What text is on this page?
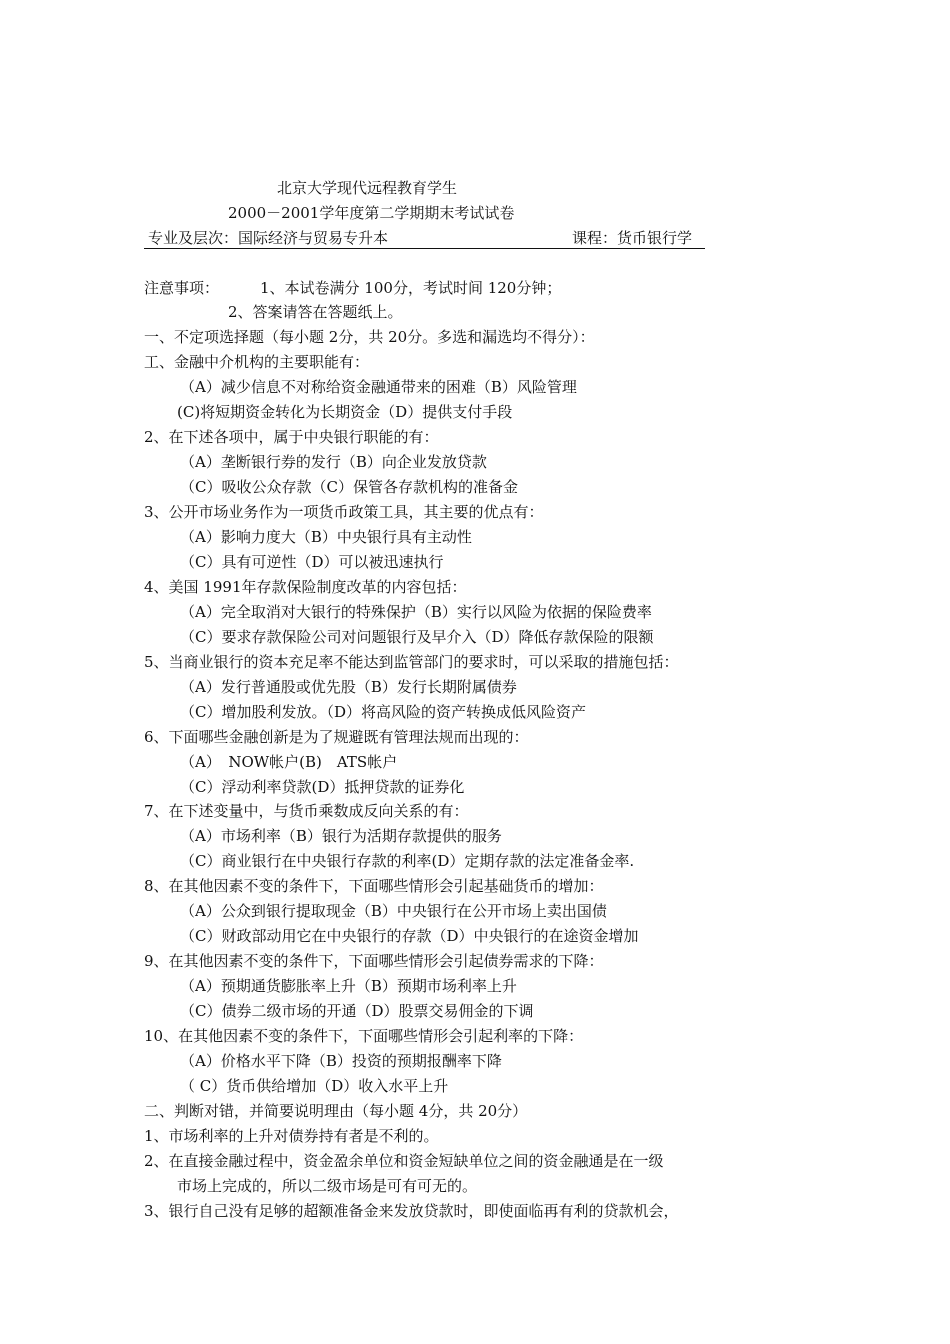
北京大学现代远程教育学生
2000－2001学年度第二学期期末考试试卷
专业及层次：国际经济与贸易专升本	课程：货币银行学
注意事项：	1、本试卷满分 100分，考试时间 120分钟；
2、答案请答在答题纸上。
一、不定项选择题（每小题 2分，共 20分。多选和漏选均不得分）：
工、金融中介机构的主要职能有：
（A）减少信息不对称给资金融通带来的困难（B）风险管理
(C)将短期资金转化为长期资金（D）提供支付手段
2、在下述各项中，属于中央银行职能的有：
（A）垄断银行券的发行（B）向企业发放贷款
（C）吸收公众存款（C）保管各存款机构的准备金
3、公开市场业务作为一项货币政策工具，其主要的优点有：
（A）影响力度大（B）中央银行具有主动性
（C）具有可逆性（D）可以被迅速执行
4、美国 1991年存款保险制度改革的内容包括：
（A）完全取消对大银行的特殊保护（B）实行以风险为依据的保险费率
（C）要求存款保险公司对问题银行及早介入（D）降低存款保险的限额
5、当商业银行的资本充足率不能达到监管部门的要求时，可以采取的措施包括：
（A）发行普通股或优先股（B）发行长期附属债券
（C）增加股利发放。（D）将高风险的资产转换成低风险资产
6、下面哪些金融创新是为了规避既有管理法规而出现的：
（A）　NOW帐户(B)　ATS帐户
（C）浮动利率贷款(D）抵押贷款的证券化
7、在下述变量中，与货币乘数成反向关系的有：
（A）市场利率（B）银行为活期存款提供的服务
（C）商业银行在中央银行存款的利率(D）定期存款的法定准备金率.
8、在其他因素不变的条件下，下面哪些情形会引起基础货币的增加：
（A）公众到银行提取现金（B）中央银行在公开市场上卖出国债
（C）财政部动用它在中央银行的存款（D）中央银行的在途资金增加
9、在其他因素不变的条件下，下面哪些情形会引起债券需求的下降：
（A）预期通货膨胀率上升（B）预期市场利率上升
（C）债券二级市场的开通（D）股票交易佣金的下调
10、在其他因素不变的条件下，下面哪些情形会引起利率的下降：
（A）价格水平下降（B）投资的预期报酬率下降
（ C）货币供给增加（D）收入水平上升
二、判断对错，并简要说明理由（每小题 4分，共 20分）
1、市场利率的上升对债券持有者是不利的。
2、在直接金融过程中，资金盈余单位和资金短缺单位之间的资金融通是在一级
市场上完成的，所以二级市场是可有可无的。
3、银行自己没有足够的超额准备金来发放贷款时，即使面临再有利的贷款机会，
